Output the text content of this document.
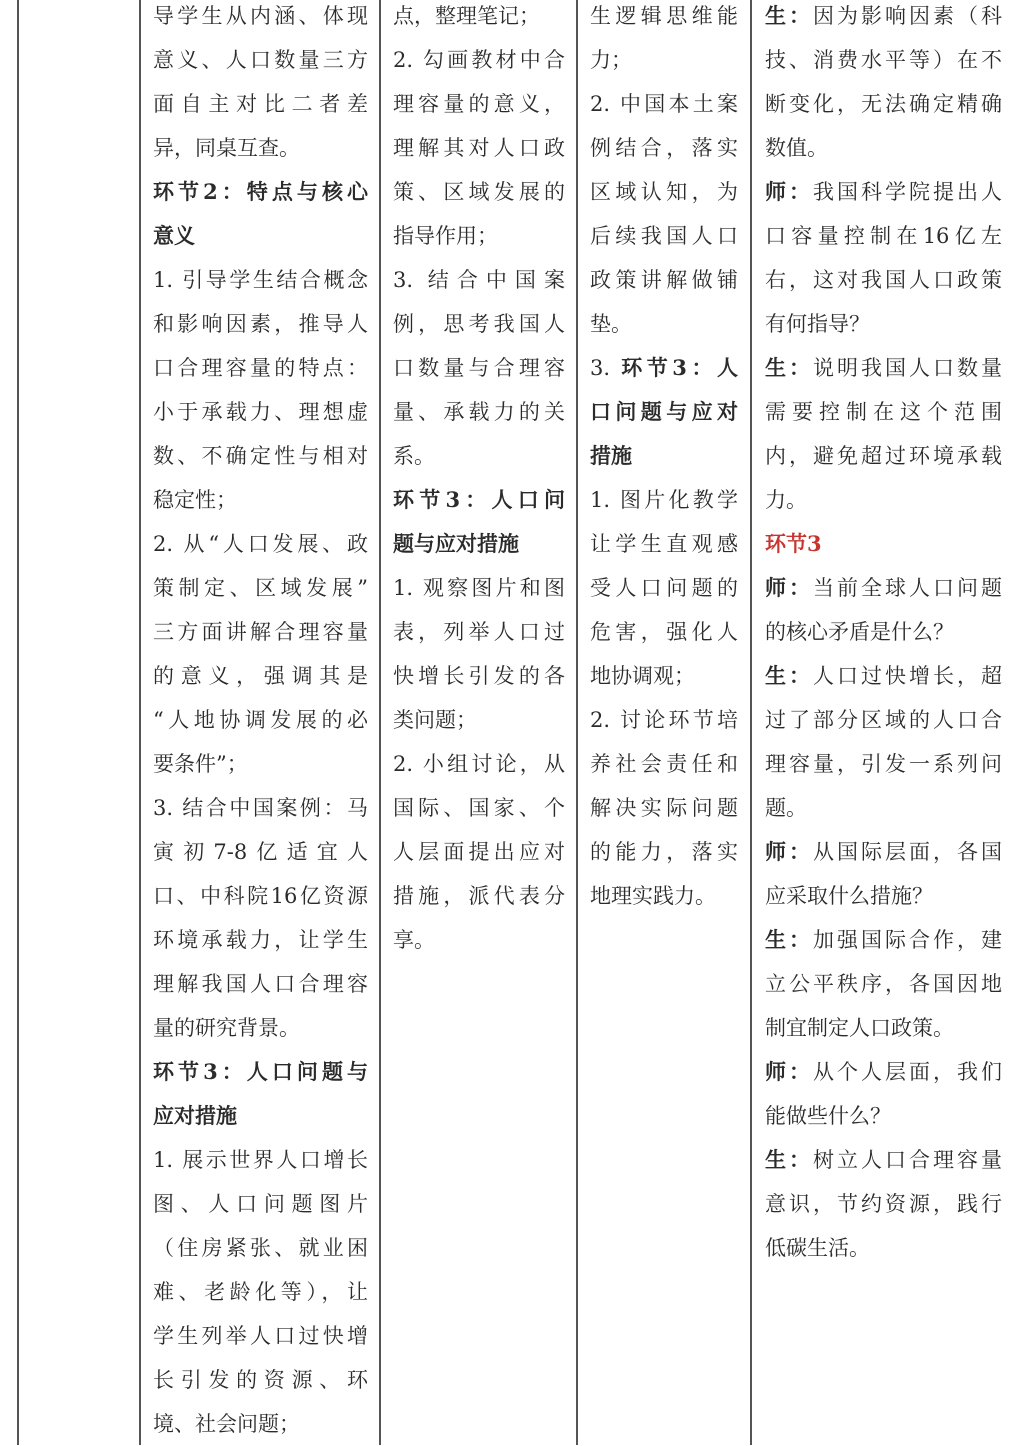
导学生从内涵、体现
意义、人口数量三方
面自主对比二者差
异，同桌互查。
环节2：特点与核心
意义
1. 引导学生结合概念
和影响因素，推导人
口合理容量的特点：
小于承载力、理想虚
数、不确定性与相对
稳定性；
2. 从“人口发展、政
策制定、区域发展”
三方面讲解合理容量
的意义，强调其是
“人地协调发展的必
要条件”；
3. 结合中国案例：马
寅初7-8亿适宜人
口、中科院16亿资源
环境承载力，让学生
理解我国人口合理容
量的研究背景。
环节3：人口问题与
应对措施
1. 展示世界人口增长
图、人口问题图片
（住房紧张、就业困
难、老龄化等），让
学生列举人口过快增
长引发的资源、环
境、社会问题；
点，整理笔记；
2. 勾画教材中合
理容量的意义，
理解其对人口政
策、区域发展的
指导作用；
3. 结合中国案
例，思考我国人
口数量与合理容
量、承载力的关
系。
环节3：人口问
题与应对措施
1. 观察图片和图
表，列举人口过
快增长引发的各
类问题；
2. 小组讨论，从
国际、国家、个
人层面提出应对
措施，派代表分
享。
生逻辑思维能
力；
2. 中国本土案
例结合，落实
区域认知，为
后续我国人口
政策讲解做铺
垫。
3. 环节3：人
口问题与应对
措施
1. 图片化教学
让学生直观感
受人口问题的
危害，强化人
地协调观；
2. 讨论环节培
养社会责任和
解决实际问题
的能力，落实
地理实践力。
生：因为影响因素（科
技、消费水平等）在不
断变化，无法确定精确
数值。
师：我国科学院提出人
口容量控制在16亿左
右，这对我国人口政策
有何指导？
生：说明我国人口数量
需要控制在这个范围
内，避免超过环境承载
力。
环节3
师：当前全球人口问题
的核心矛盾是什么？
生：人口过快增长，超
过了部分区域的人口合
理容量，引发一系列问
题。
师：从国际层面，各国
应采取什么措施？
生：加强国际合作，建
立公平秩序，各国因地
制宜制定人口政策。
师：从个人层面，我们
能做些什么？
生：树立人口合理容量
意识，节约资源，践行
低碳生活。
